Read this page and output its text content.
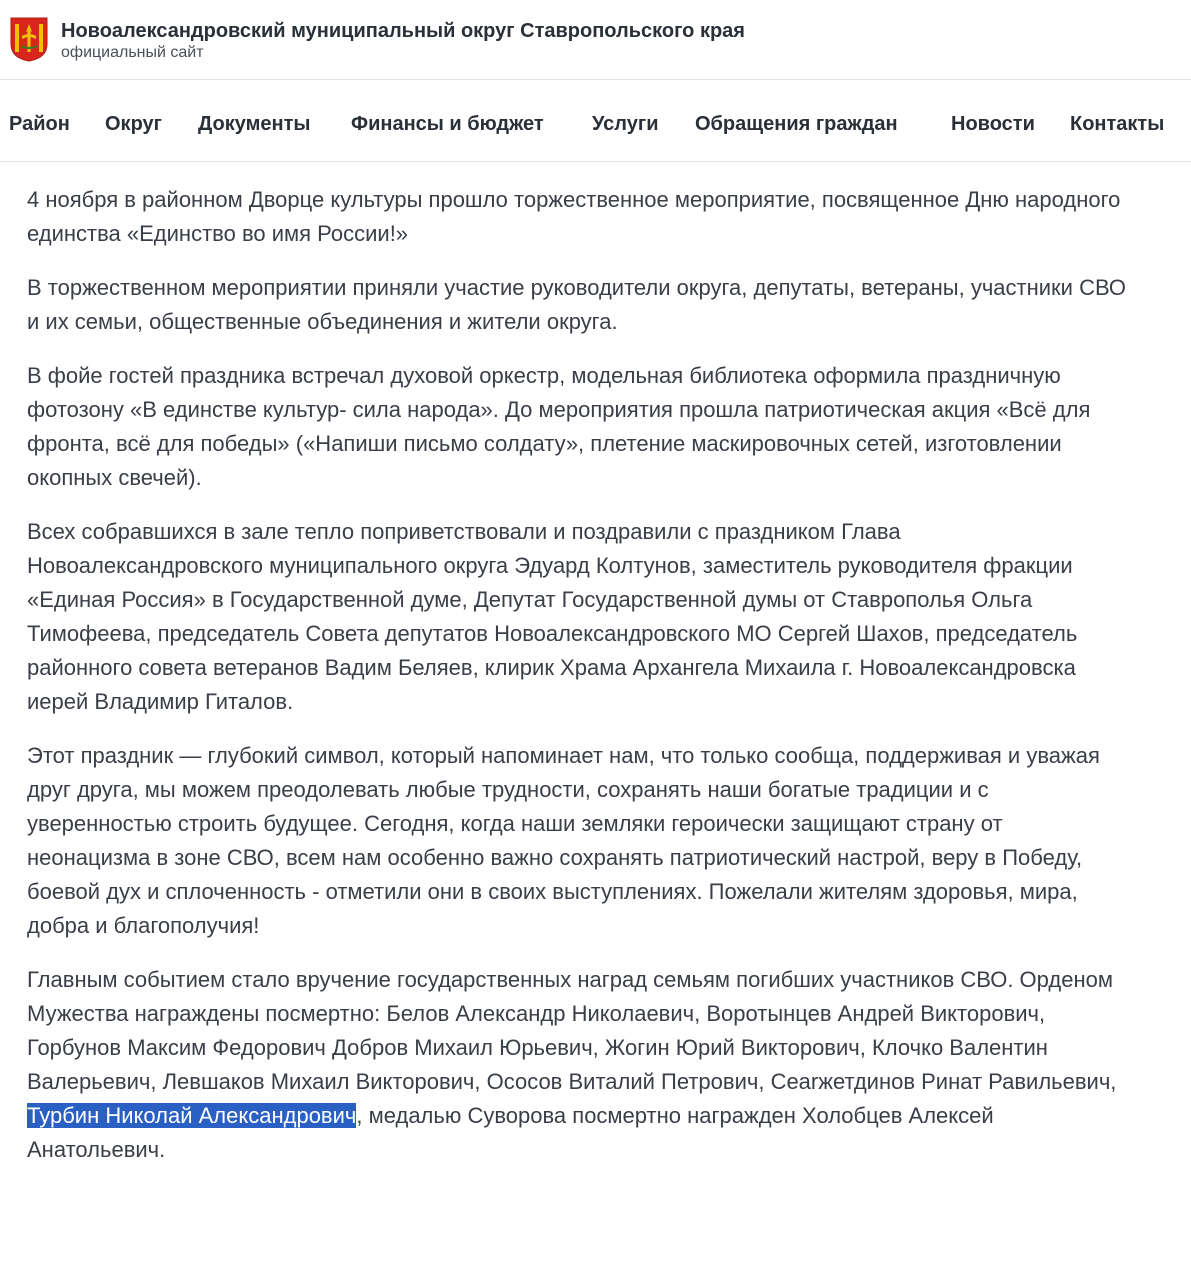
Новоалександровский муниципальный округ Ставропольского края
официальный сайт
Район Округ Документы Финансы и бюджет Услуги Обращения граждан	Новости Контакты

4 ноября в районном Дворце культуры прошло торжественное мероприятие, посвященное Дню народного единства «Единство во имя России!»

В торжественном мероприятии приняли участие руководители округа, депутаты, ветераны, участники СВО и их семьи, общественные объединения и жители округа.

В фойе гостей праздника встречал духовой оркестр, модельная библиотека оформила праздничную фотозону «В единстве культур- сила народа». До мероприятия прошла патриотическая акция «Всё для фронта, всё для победы» («Напиши письмо солдату», плетение маскировочных сетей, изготовлении окопных свечей).

Всех собравшихся в зале тепло поприветствовали и поздравили с праздником Глава Новоалександровского муниципального округа Эдуард Колтунов, заместитель руководителя фракции «Единая Россия» в Государственной думе, Депутат Государственной думы от Ставрополья Ольга Тимофеева, председатель Совета депутатов Новоалександровского МО Сергей Шахов, председатель районного совета ветеранов Вадим Беляев, клирик Храма Архангела Михаила г. Новоалександровска иерей Владимир Гиталов.

Этот праздник — глубокий символ, который напоминает нам, что только сообща, поддерживая и уважая друг друга, мы можем преодолевать любые трудности, сохранять наши богатые традиции и с уверенностью строить будущее. Сегодня, когда наши земляки героически защищают страну от неонацизма в зоне СВО, всем нам особенно важно сохранять патриотический настрой, веру в Победу, боевой дух и сплоченность - отметили они в своих выступлениях. Пожелали жителям здоровья, мира, добра и благополучия!

Главным событием стало вручение государственных наград семьям погибших участников СВО. Орденом Мужества награждены посмертно: Белов Александр Николаевич, Воротынцев Андрей Викторович, Горбунов Максим Федорович Добров Михаил Юрьевич, Жогин Юрий Викторович, Клочко Валентин Валерьевич, Левшаков Михаил Викторович, Ососов Виталий Петрович, Сеarжетдинов Ринат Равильевич, Турбин Николай Александрович, медалью Суворова посмертно награжден Холобцев Алексей Анатольевич.
